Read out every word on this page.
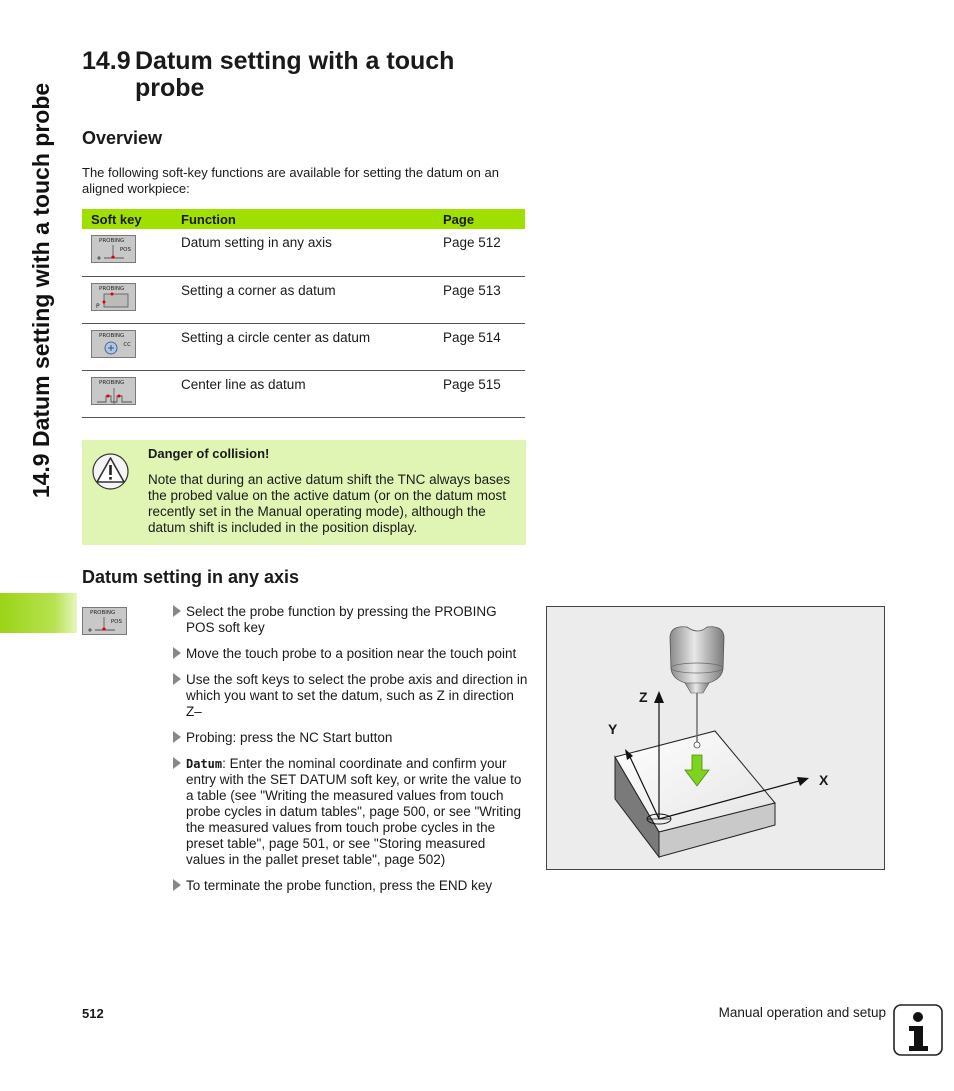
14.9 Datum setting with a touch probe
14.9 Datum setting with a touch
probe
Overview

The following soft-key functions are available for setting the datum on an aligned workpiece:

Soft key	Function	Page

PROBING
POS	Datum setting in any axis	Page 512

PROBING
P	Setting a corner as datum	Page 513

PROBING
CC	Setting a circle center as datum	Page 514

PROBING	Center line as datum	Page 515

Danger of collision!

Note that during an active datum shift the TNC always bases the probed value on the active datum (or on the datum most recently set in the Manual operating mode), although the datum shift is included in the position display.

Datum setting in any axis
PROBING
POS
Select the probe function by pressing the PROBING POS soft key
Move the touch probe to a position near the touch point
Use the soft keys to select the probe axis and direction in which you want to set the datum, such as Z in direction Z–
Probing: press the NC Start button
Datum: Enter the nominal coordinate and confirm your entry with the SET DATUM soft key, or write the value to a table (see "Writing the measured values from touch probe cycles in datum tables", page 500, or see "Writing the measured values from touch probe cycles in the preset table", page 501, or see "Storing measured values in the pallet preset table", page 502)
To terminate the probe function, press the END key
Z
Y
X

512	Manual operation and setup
